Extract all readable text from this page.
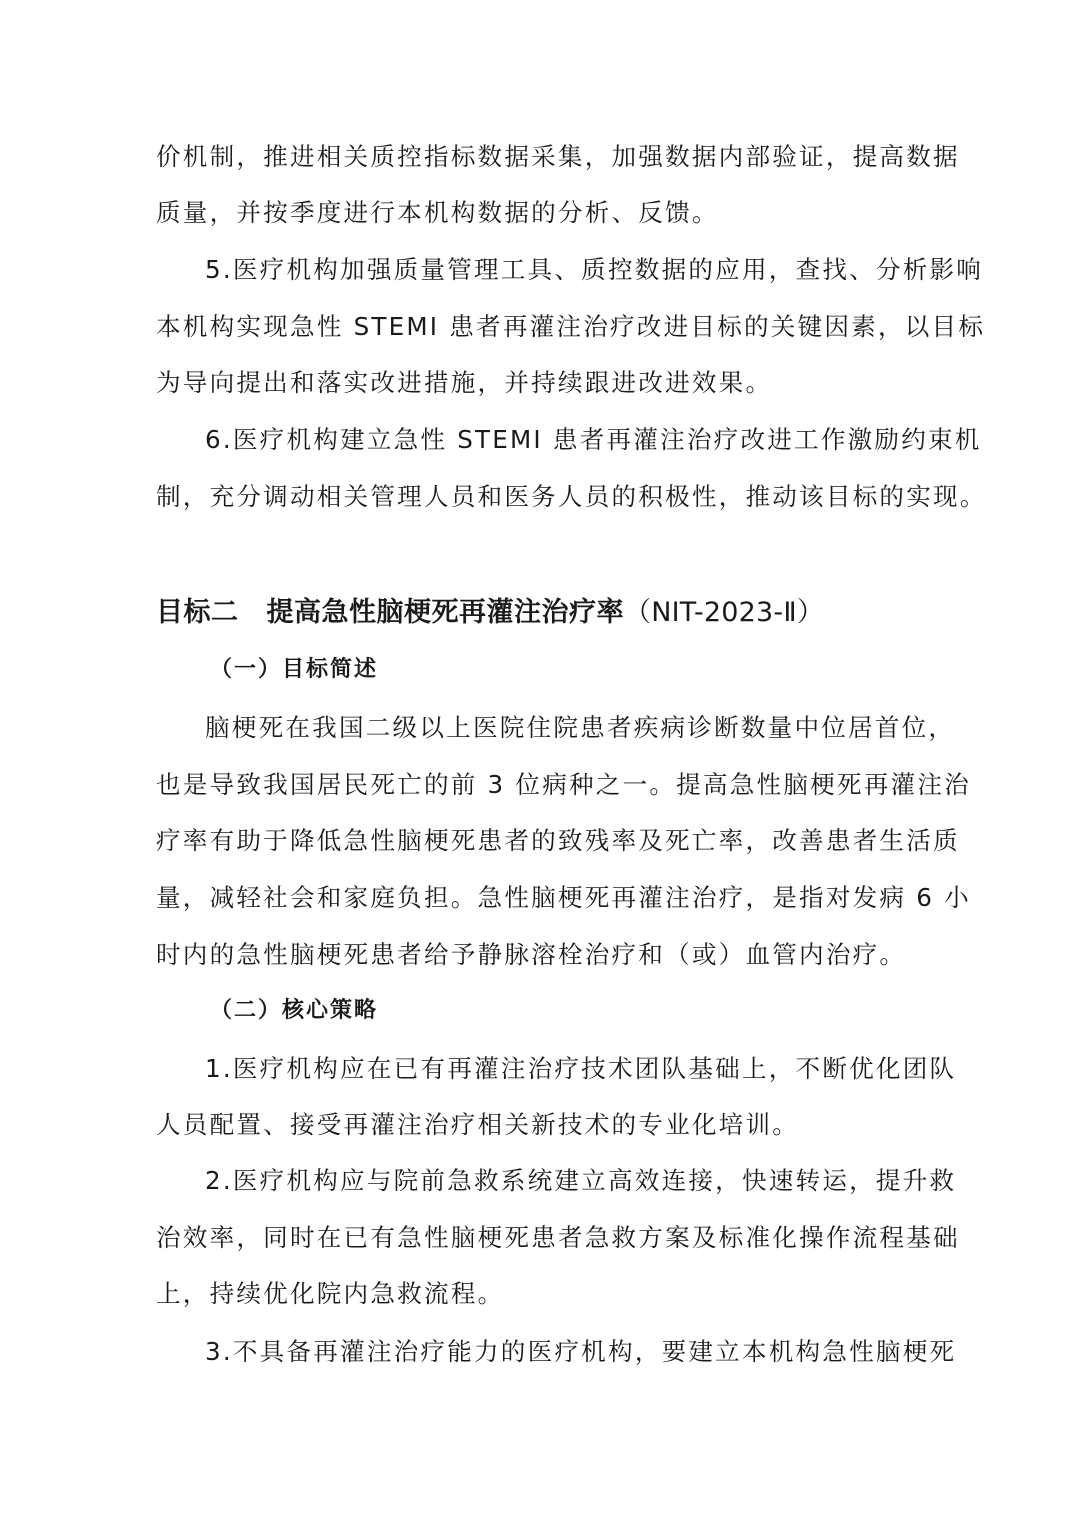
价机制，推进相关质控指标数据采集，加强数据内部验证，提高数据
质量，并按季度进行本机构数据的分析、反馈。
5.医疗机构加强质量管理工具、质控数据的应用，查找、分析影响
本机构实现急性 STEMI 患者再灌注治疗改进目标的关键因素，以目标
为导向提出和落实改进措施，并持续跟进改进效果。
6.医疗机构建立急性 STEMI 患者再灌注治疗改进工作激励约束机
制，充分调动相关管理人员和医务人员的积极性，推动该目标的实现。
目标二 提高急性脑梗死再灌注治疗率（NIT-2023-Ⅱ）
（一）目标简述
脑梗死在我国二级以上医院住院患者疾病诊断数量中位居首位，
也是导致我国居民死亡的前 3 位病种之一。提高急性脑梗死再灌注治
疗率有助于降低急性脑梗死患者的致残率及死亡率，改善患者生活质
量，减轻社会和家庭负担。急性脑梗死再灌注治疗，是指对发病 6 小
时内的急性脑梗死患者给予静脉溶栓治疗和（或）血管内治疗。
（二）核心策略
1.医疗机构应在已有再灌注治疗技术团队基础上，不断优化团队
人员配置、接受再灌注治疗相关新技术的专业化培训。
2.医疗机构应与院前急救系统建立高效连接，快速转运，提升救
治效率，同时在已有急性脑梗死患者急救方案及标准化操作流程基础
上，持续优化院内急救流程。
3.不具备再灌注治疗能力的医疗机构，要建立本机构急性脑梗死
